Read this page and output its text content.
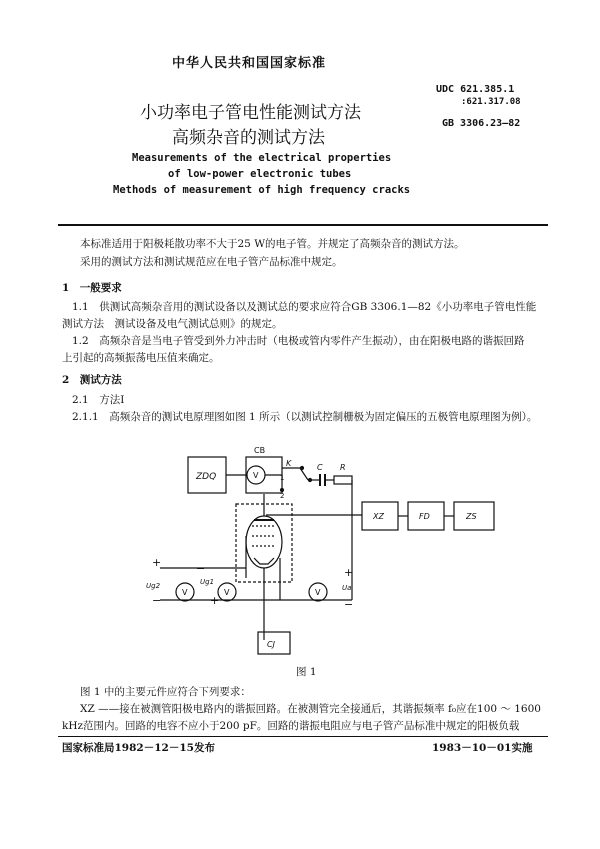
中华人民共和国国家标准
UDC 621.385.1
:621.317.08
GB 3306.23—82
小功率电子管电性能测试方法
高频杂音的测试方法
Measurements of the electrical properties
of low-power electronic tubes
Methods of measurement of high frequency cracks
本标准适用于阳极耗散功率不大于25 W的电子管。并规定了高频杂音的测试方法。
采用的测试方法和测试规范应在电子管产品标准中规定。
1　一般要求
1.1　供测试高频杂音用的测试设备以及测试总的要求应符合GB 3306.1—82《小功率电子管电性能
测试方法　测试设备及电气测试总则》的规定。
1.2　高频杂音是当电子管受到外力冲击时（电极或管内零件产生振动），由在阳极电路的谐振回路
上引起的高频振荡电压值来确定。
2　测试方法
2.1　方法Ⅰ
2.1.1　高频杂音的测试电原理图如图 1 所示（以测试控制栅极为固定偏压的五极管电原理图为例）。
ZDQ
CB
V
K
1
2
C R
XZ	FD	ZS
V	V
Ug2	Ug1
+
−
−
+
V	Ua
+
−
CJ
图 1
图 1 中的主要元件应符合下列要求：
XZ ——接在被测管阳极电路内的谐振回路。在被测管完全接通后，其谐振频率 f₀应在100 ～ 1600
kHz范围内。回路的电容不应小于200 pF。回路的谐振电阻应与电子管产品标准中规定的阳极负载
国家标准局1982－12－15发布	1983－10－01实施
